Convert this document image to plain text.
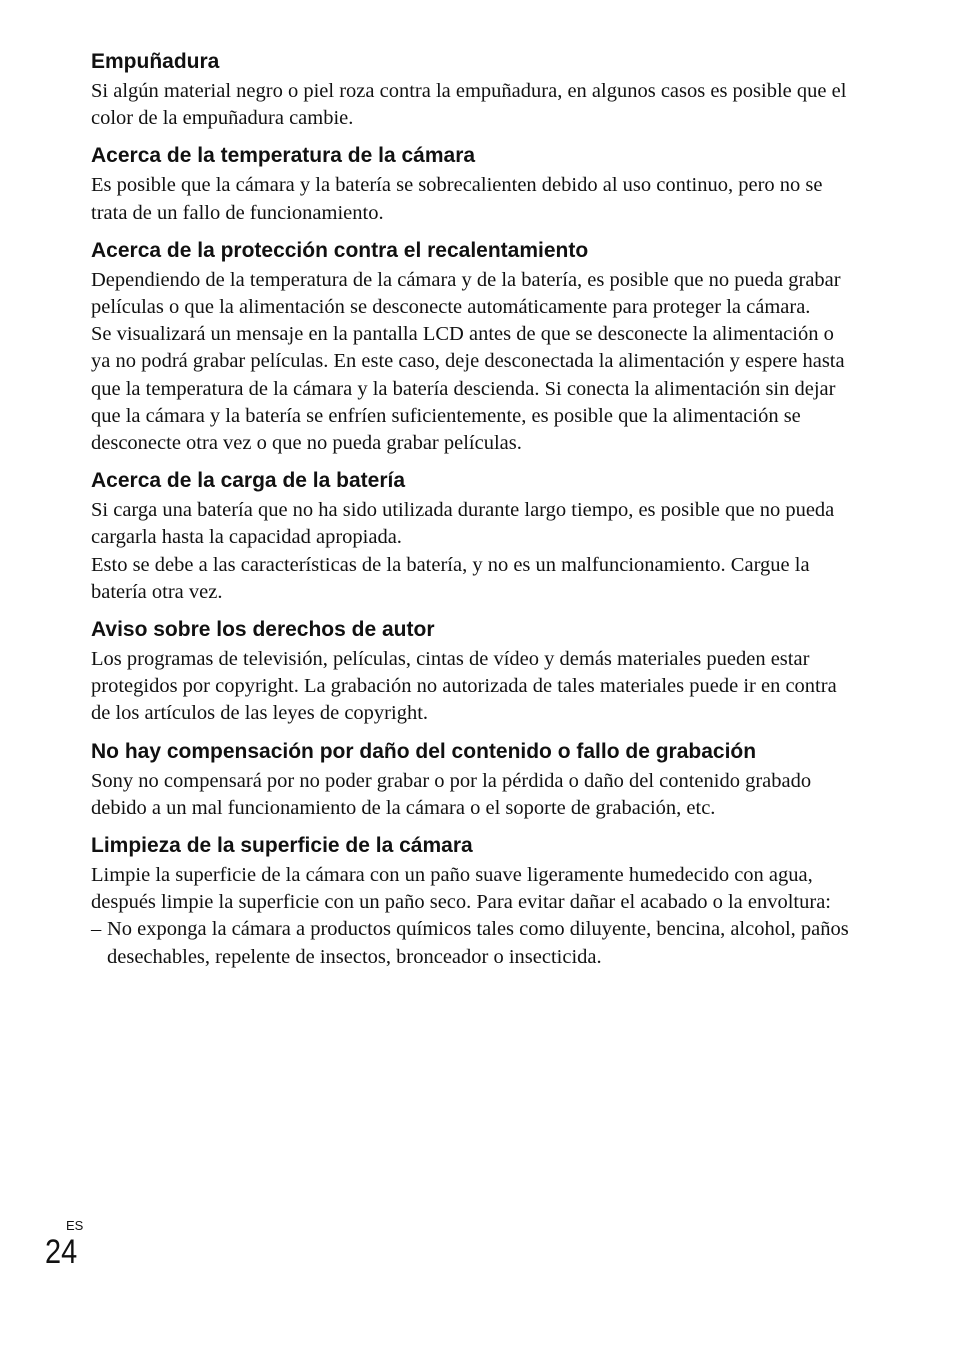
Empuñadura

Si algún material negro o piel roza contra la empuñadura, en algunos casos es posible que el color de la empuñadura cambie.

Acerca de la temperatura de la cámara

Es posible que la cámara y la batería se sobrecalienten debido al uso continuo, pero no se trata de un fallo de funcionamiento.

Acerca de la protección contra el recalentamiento

Dependiendo de la temperatura de la cámara y de la batería, es posible que no pueda grabar películas o que la alimentación se desconecte automáticamente para proteger la cámara.

Se visualizará un mensaje en la pantalla LCD antes de que se desconecte la alimentación o ya no podrá grabar películas. En este caso, deje desconectada la alimentación y espere hasta que la temperatura de la cámara y la batería descienda. Si conecta la alimentación sin dejar que la cámara y la batería se enfríen suficientemente, es posible que la alimentación se desconecte otra vez o que no pueda grabar películas.

Acerca de la carga de la batería

Si carga una batería que no ha sido utilizada durante largo tiempo, es posible que no pueda cargarla hasta la capacidad apropiada.

Esto se debe a las características de la batería, y no es un malfuncionamiento. Cargue la batería otra vez.

Aviso sobre los derechos de autor

Los programas de televisión, películas, cintas de vídeo y demás materiales pueden estar protegidos por copyright. La grabación no autorizada de tales materiales puede ir en contra de los artículos de las leyes de copyright.

No hay compensación por daño del contenido o fallo de grabación

Sony no compensará por no poder grabar o por la pérdida o daño del contenido grabado debido a un mal funcionamiento de la cámara o el soporte de grabación, etc.

Limpieza de la superficie de la cámara

Limpie la superficie de la cámara con un paño suave ligeramente humedecido con agua, después limpie la superficie con un paño seco. Para evitar dañar el acabado o la envoltura:

– No exponga la cámara a productos químicos tales como diluyente, bencina, alcohol, paños desechables, repelente de insectos, bronceador o insecticida.
ES
24
